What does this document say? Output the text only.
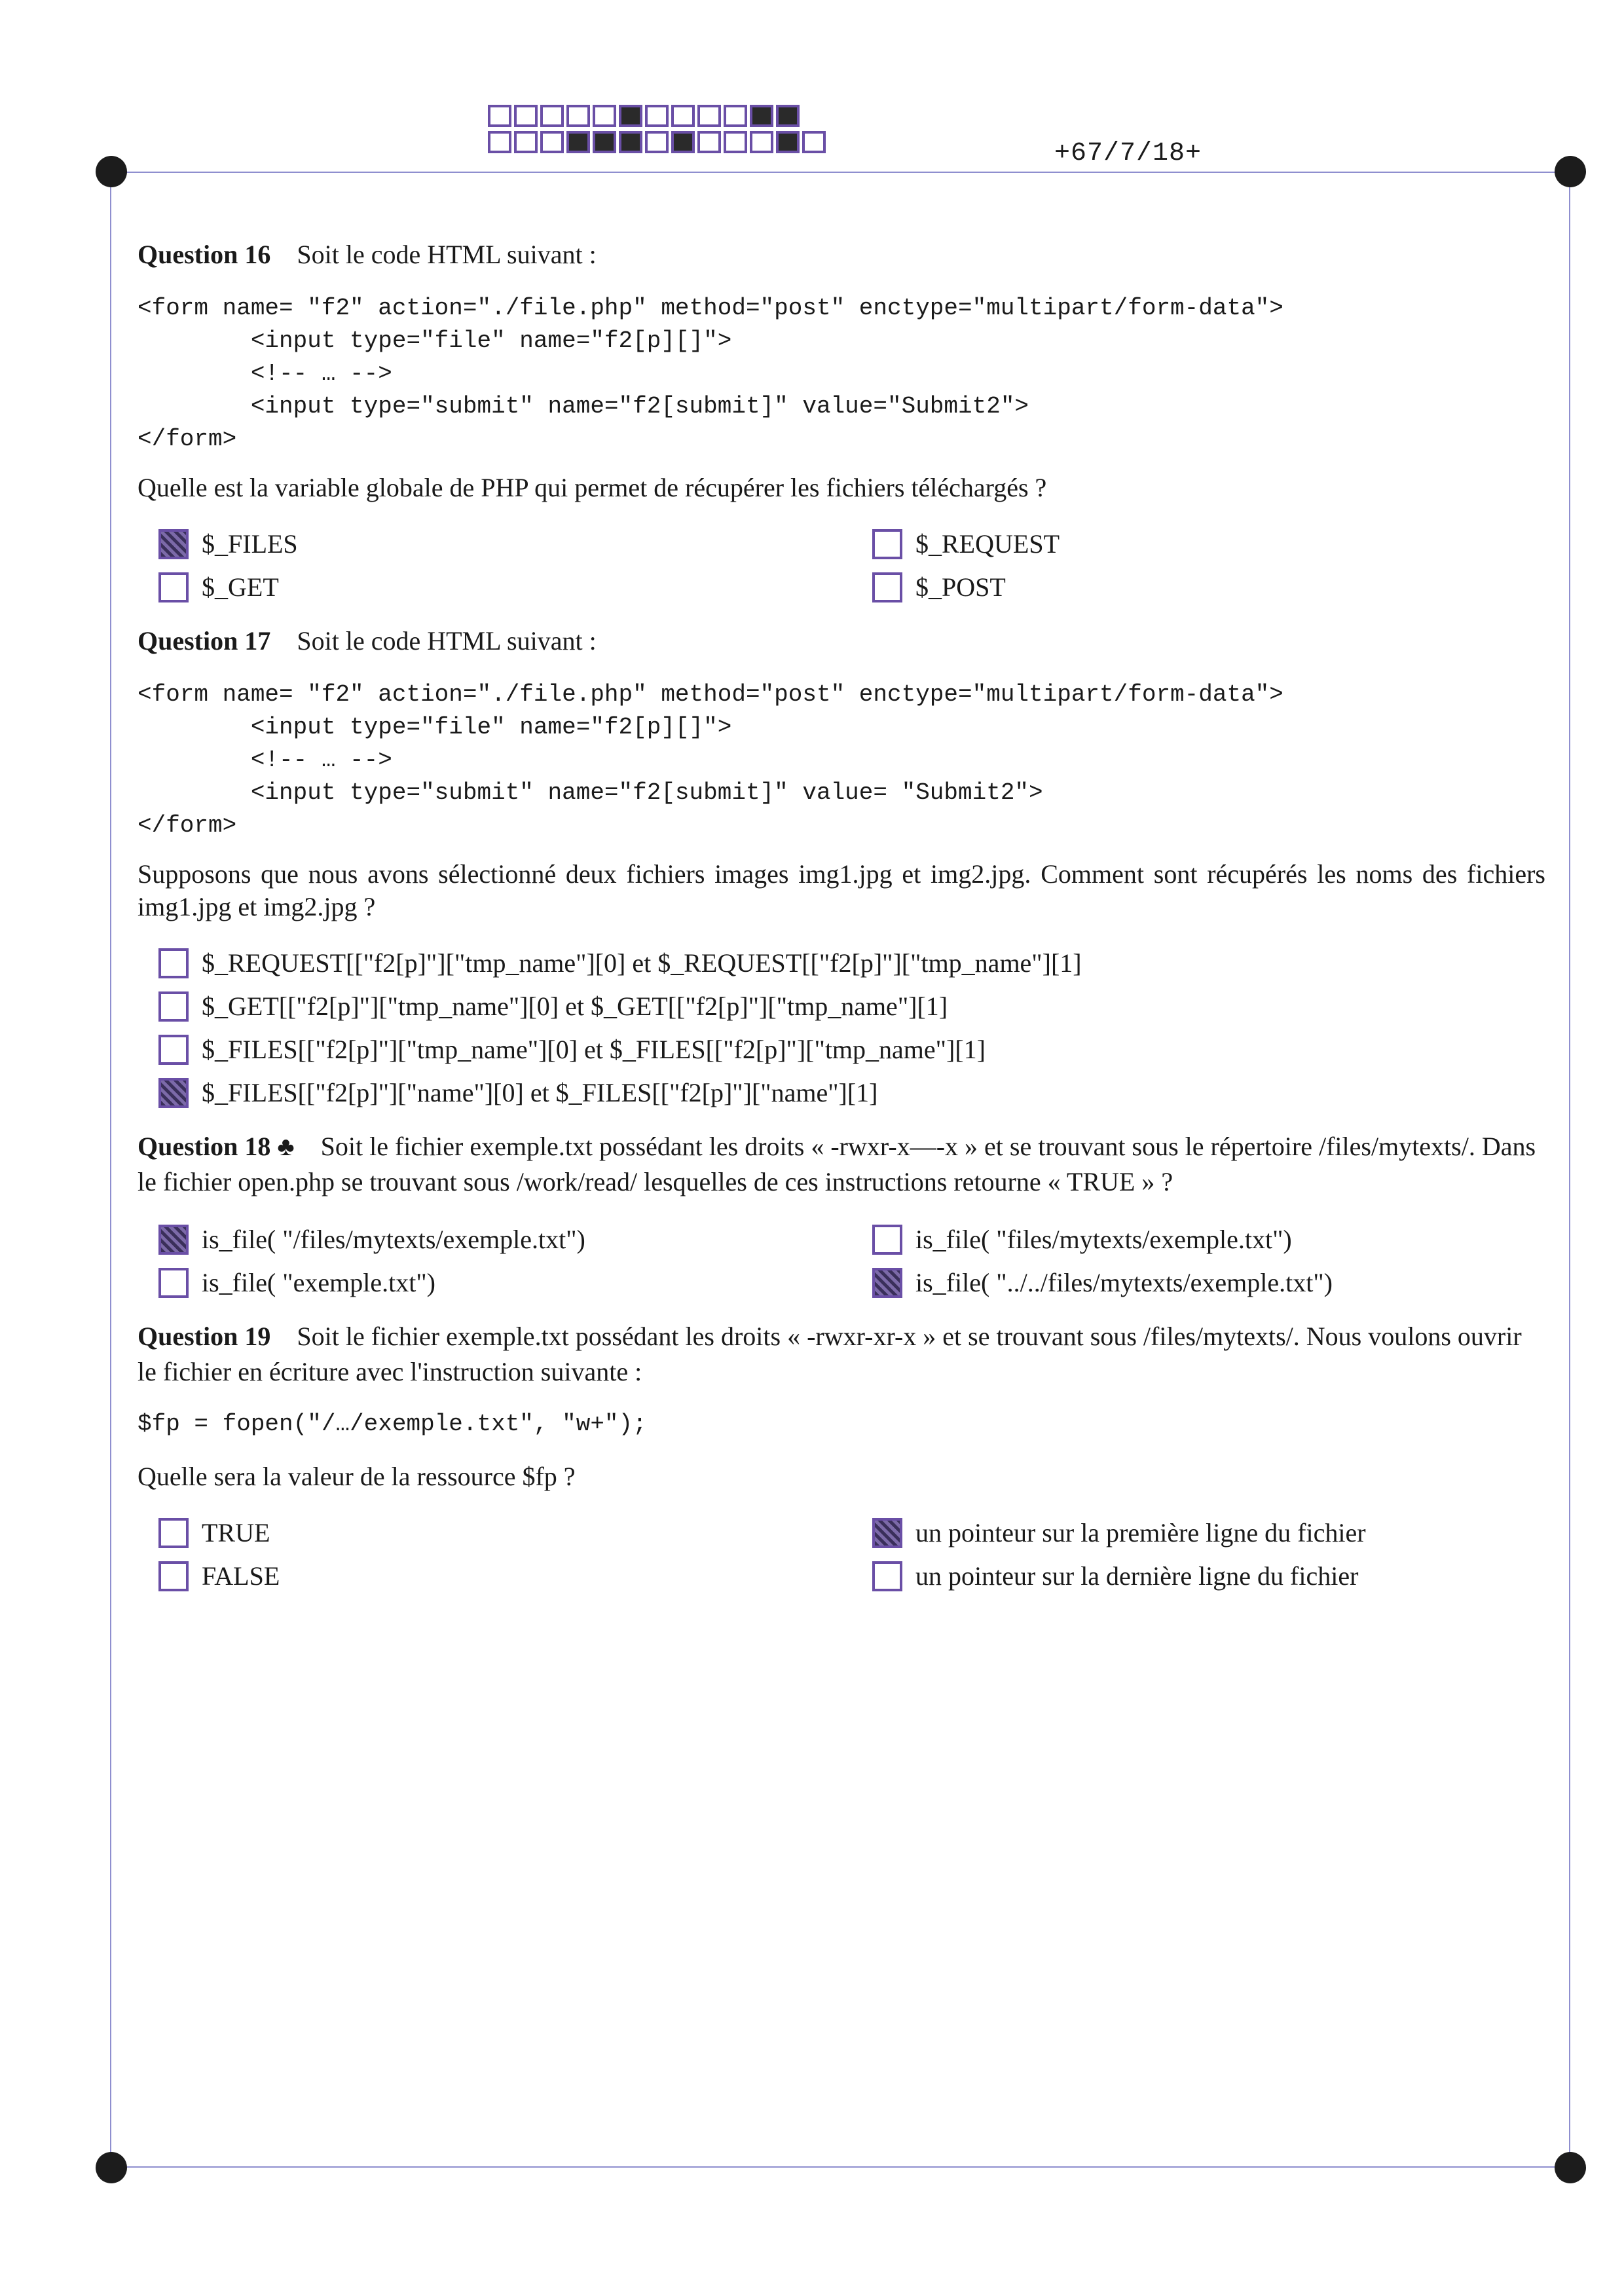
+67/7/18+
Question 16 Soit le code HTML suivant :
<form name= "f2" action="./file.php" method="post" enctype="multipart/form-data">
<input type="file" name="f2[p][]">
<!-- … -->
<input type="submit" name="f2[submit]" value="Submit2">
</form>
Quelle est la variable globale de PHP qui permet de récupérer les fichiers téléchargés ?
$_FILES	$_REQUEST
$_GET	$_POST
Question 17 Soit le code HTML suivant :
<form name= "f2" action="./file.php" method="post" enctype="multipart/form-data">
<input type="file" name="f2[p][]">
<!-- … -->
<input type="submit" name="f2[submit]" value= "Submit2">
</form>
Supposons que nous avons sélectionné deux fichiers images img1.jpg et img2.jpg. Comment sont récupérés les noms des fichiers img1.jpg et img2.jpg ?
$_REQUEST[["f2[p]"]["tmp_name"][0] et $_REQUEST[["f2[p]"]["tmp_name"][1]
$_GET[["f2[p]"]["tmp_name"][0] et $_GET[["f2[p]"]["tmp_name"][1]
$_FILES[["f2[p]"]["tmp_name"][0] et $_FILES[["f2[p]"]["tmp_name"][1]
$_FILES[["f2[p]"]["name"][0] et $_FILES[["f2[p]"]["name"][1]
Question 18 ♣ Soit le fichier exemple.txt possédant les droits « -rwxr-x—-x » et se trouvant sous le répertoire /files/mytexts/. Dans le fichier open.php se trouvant sous /work/read/ lesquelles de ces instructions retourne « TRUE » ?
is_file( "/files/mytexts/exemple.txt")	is_file( "files/mytexts/exemple.txt")
is_file( "exemple.txt")	is_file( "../../files/mytexts/exemple.txt")
Question 19 Soit le fichier exemple.txt possédant les droits « -rwxr-xr-x » et se trouvant sous /files/mytexts/. Nous voulons ouvrir le fichier en écriture avec l'instruction suivante :
$fp = fopen("/…/exemple.txt", "w+");
Quelle sera la valeur de la ressource $fp ?
TRUE	un pointeur sur la première ligne du fichier
FALSE	un pointeur sur la dernière ligne du fichier
